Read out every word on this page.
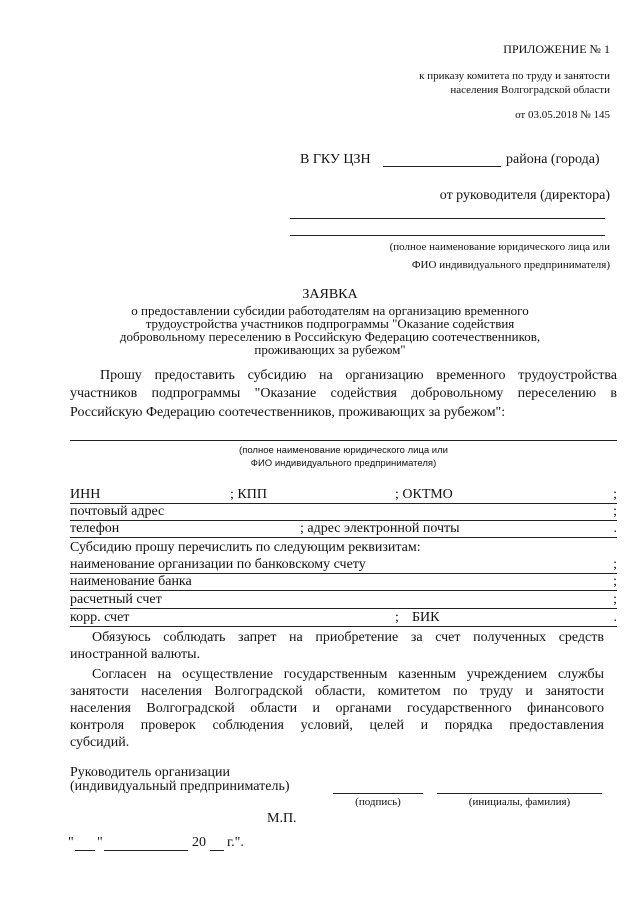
ПРИЛОЖЕНИЕ № 1
к приказу комитета по труду и занятости
населения Волгоградской области
от 03.05.2018 № 145
В ГКУ ЦЗН	района (города)
от руководителя (директора)
(полное наименование юридического лица или
ФИО индивидуального предпринимателя)
ЗАЯВКА
о предоставлении субсидии работодателям на организацию временного
трудоустройства участников подпрограммы "Оказание содействия
добровольному переселению в Российскую Федерацию соотечественников,
проживающих за рубежом"
Прошу предоставить субсидию на организацию временного трудоустройства
участников подпрограммы "Оказание содействия добровольному переселению в
Российскую Федерацию соотечественников, проживающих за рубежом":
(полное наименование юридического лица или
ФИО индивидуального предпринимателя)
ИНН	; КПП	; ОКТМО	;
почтовый адрес	;
телефон	; адрес электронной почты	.
Субсидию прошу перечислить по следующим реквизитам:
наименование организации по банковскому счету	;
наименование банка	;
расчетный счет	;
корр. счет	; БИК	.
Обязуюсь соблюдать запрет на приобретение за счет полученных средств
иностранной валюты.
Согласен на осуществление государственным казенным учреждением службы
занятости населения Волгоградской области, комитетом по труду и занятости
населения Волгоградской области и органами государственного финансового
контроля проверок соблюдения условий, целей и порядка предоставления
субсидий.
Руководитель организации
(индивидуальный предприниматель)
(подпись)	(инициалы, фамилия)
М.П.
" "	20 г.".
